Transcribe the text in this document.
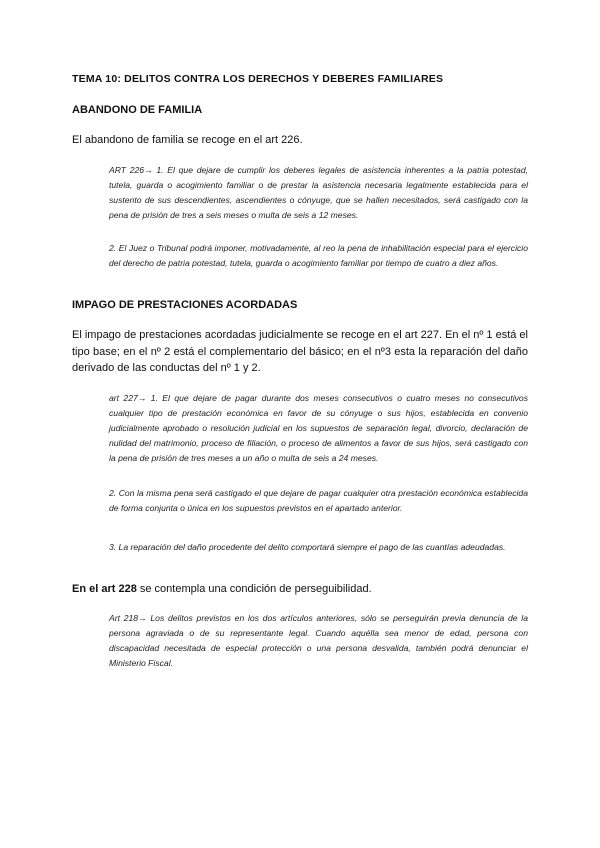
TEMA 10: DELITOS CONTRA LOS DERECHOS Y DEBERES FAMILIARES
ABANDONO DE FAMILIA
El abandono de familia se recoge en el art 226.
ART 226→ 1. El que dejare de cumplir los deberes legales de asistencia inherentes a la patria potestad, tutela, guarda o acogimiento familiar o de prestar la asistencia necesaria legalmente establecida para el sustento de sus descendientes, ascendientes o cónyuge, que se hallen necesitados, será castigado con la pena de prisión de tres a seis meses o multa de seis a 12 meses.
2. El Juez o Tribunal podrá imponer, motivadamente, al reo la pena de inhabilitación especial para el ejercicio del derecho de patria potestad, tutela, guarda o acogimiento familiar por tiempo de cuatro a diez años.
IMPAGO DE PRESTACIONES ACORDADAS
El impago de prestaciones acordadas judicialmente se recoge en el art 227. En el nº 1 está el tipo base; en el nº 2 está el complementario del básico; en el nº3 esta la reparación del daño derivado de las conductas del nº 1 y 2.
art 227→ 1. El que dejare de pagar durante dos meses consecutivos o cuatro meses no consecutivos cualquier tipo de prestación económica en favor de su cónyuge o sus hijos, establecida en convenio judicialmente aprobado o resolución judicial en los supuestos de separación legal, divorcio, declaración de nulidad del matrimonio, proceso de filiación, o proceso de alimentos a favor de sus hijos, será castigado con la pena de prisión de tres meses a un año o multa de seis a 24 meses.
2. Con la misma pena será castigado el que dejare de pagar cualquier otra prestación económica establecida de forma conjunta o única en los supuestos previstos en el apartado anterior.
3. La reparación del daño procedente del delito comportará siempre el pago de las cuantías adeudadas.
En el art 228 se contempla una condición de perseguibilidad.
Art 218→ Los delitos previstos en los dos artículos anteriores, sólo se perseguirán previa denuncia de la persona agraviada o de su representante legal. Cuando aquélla sea menor de edad, persona con discapacidad necesitada de especial protección o una persona desvalida, también podrá denunciar el Ministerio Fiscal.
